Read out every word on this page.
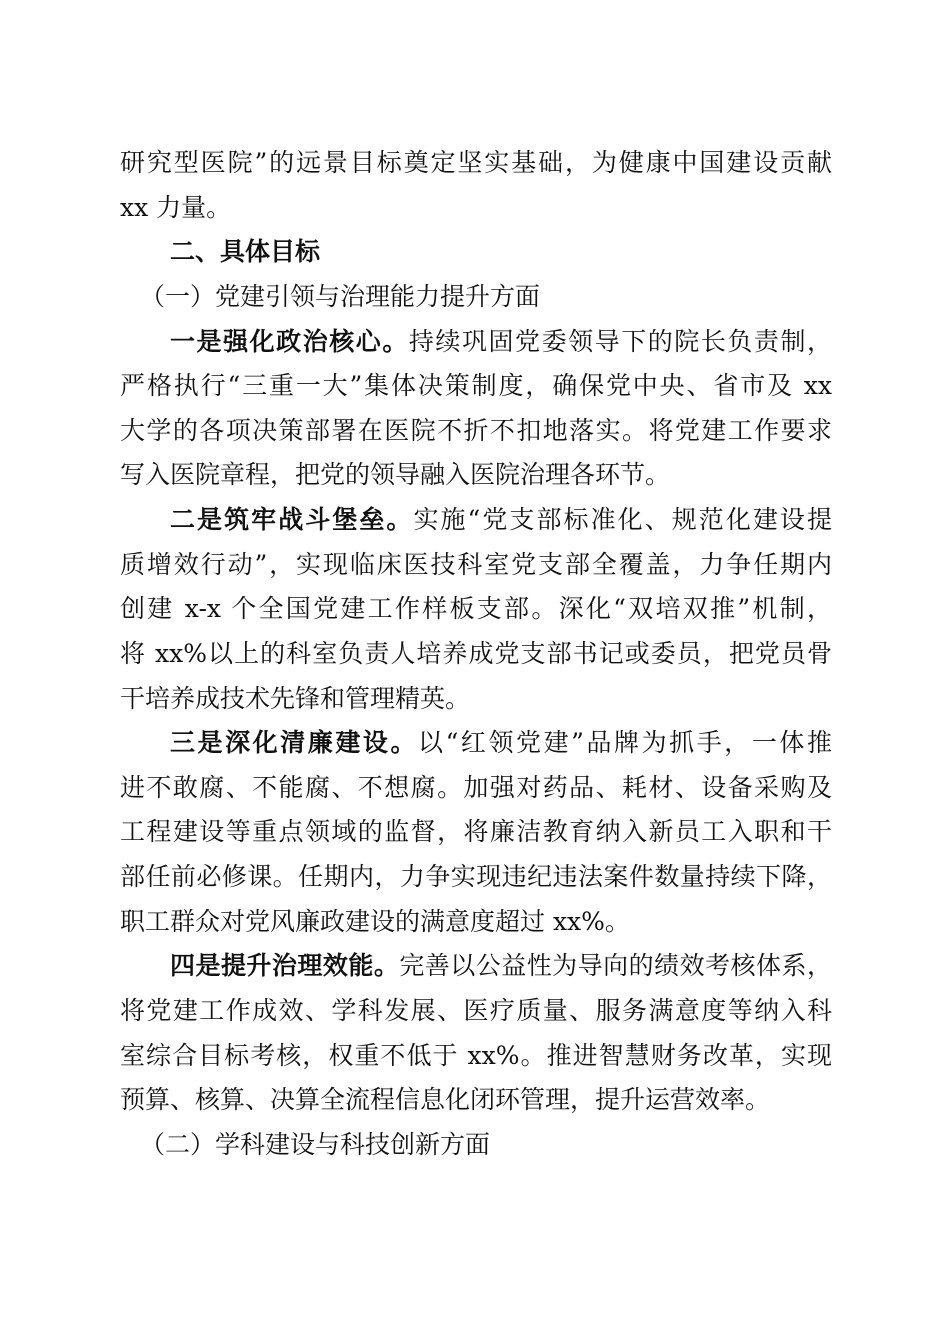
研究型医院”的远景目标奠定坚实基础，为健康中国建设贡献
xx 力量。
二、具体目标
（一）党建引领与治理能力提升方面
一是强化政治核心。持续巩固党委领导下的院长负责制，
严格执行“三重一大”集体决策制度，确保党中央、省市及 xx
大学的各项决策部署在医院不折不扣地落实。将党建工作要求
写入医院章程，把党的领导融入医院治理各环节。
二是筑牢战斗堡垒。实施“党支部标准化、规范化建设提
质增效行动”，实现临床医技科室党支部全覆盖，力争任期内
创建 x-x 个全国党建工作样板支部。深化“双培双推”机制，
将 xx%以上的科室负责人培养成党支部书记或委员，把党员骨
干培养成技术先锋和管理精英。
三是深化清廉建设。以“红领党建”品牌为抓手，一体推
进不敢腐、不能腐、不想腐。加强对药品、耗材、设备采购及
工程建设等重点领域的监督，将廉洁教育纳入新员工入职和干
部任前必修课。任期内，力争实现违纪违法案件数量持续下降，
职工群众对党风廉政建设的满意度超过 xx%。
四是提升治理效能。完善以公益性为导向的绩效考核体系，
将党建工作成效、学科发展、医疗质量、服务满意度等纳入科
室综合目标考核，权重不低于 xx%。推进智慧财务改革，实现
预算、核算、决算全流程信息化闭环管理，提升运营效率。
（二）学科建设与科技创新方面
